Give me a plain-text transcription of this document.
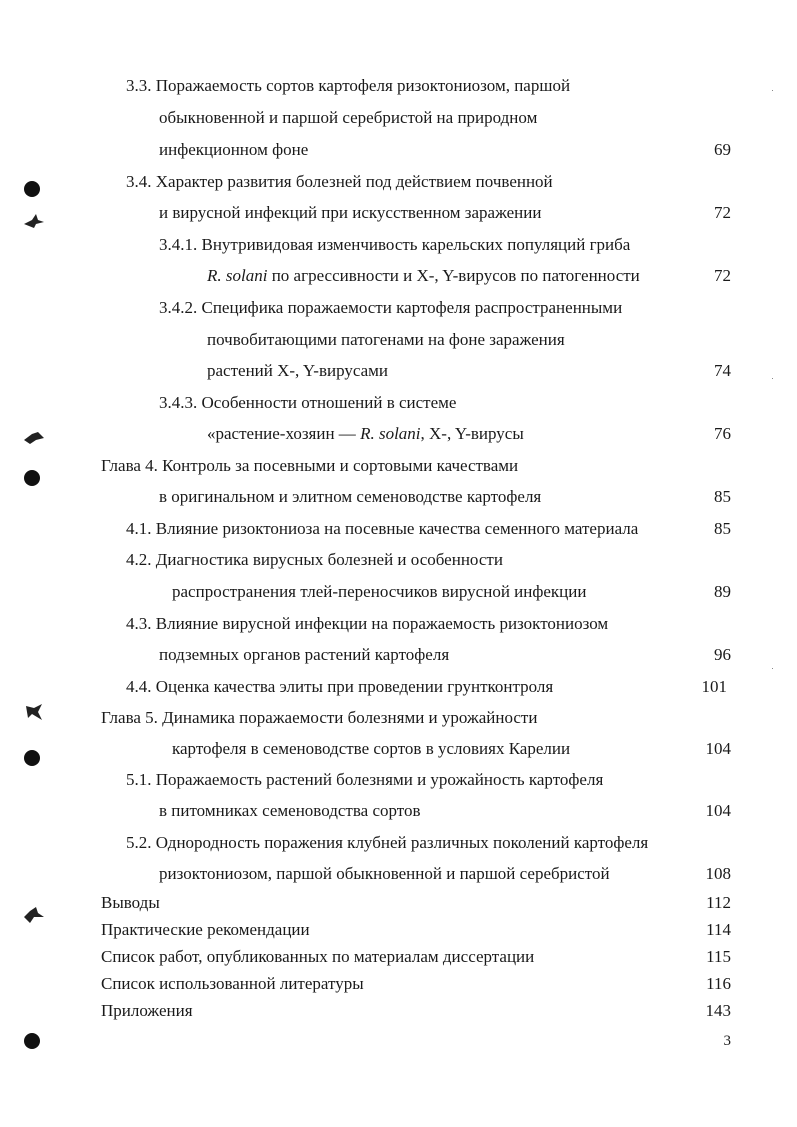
3.3. Поражаемость сортов картофеля ризоктониозом, паршой
обыкновенной и паршой серебристой на природном
инфекционном фоне	69
3.4. Характер развития болезней под действием почвенной
и вирусной инфекций при искусственном заражении	72
3.4.1. Внутривидовая изменчивость карельских популяций гриба
R. solani по агрессивности и X-, Y-вирусов по патогенности	72
3.4.2. Специфика поражаемости картофеля распространенными
почвобитающими патогенами на фоне заражения
растений X-, Y-вирусами	74
3.4.3. Особенности отношений в системе
«растение-хозяин — R. solani, X-, Y-вирусы	76
Глава 4. Контроль за посевными и сортовыми качествами
в оригинальном и элитном семеноводстве картофеля	85
4.1. Влияние ризоктониоза на посевные качества семенного материала	85
4.2. Диагностика вирусных болезней и особенности
распространения тлей-переносчиков вирусной инфекции	89
4.3. Влияние вирусной инфекции на поражаемость ризоктониозом
подземных органов растений картофеля	96
4.4. Оценка качества элиты при проведении грунтконтроля	101
Глава 5. Динамика поражаемости болезнями и урожайности
картофеля в семеноводстве сортов в условиях Карелии	104
5.1. Поражаемость растений болезнями и урожайность картофеля
в питомниках семеноводства сортов	104
5.2. Однородность поражения клубней различных поколений картофеля
ризоктониозом, паршой обыкновенной и паршой серебристой	108
Выводы	112
Практические рекомендации	114
Список работ, опубликованных по материалам диссертации	115
Список использованной литературы	116
Приложения	143
3
